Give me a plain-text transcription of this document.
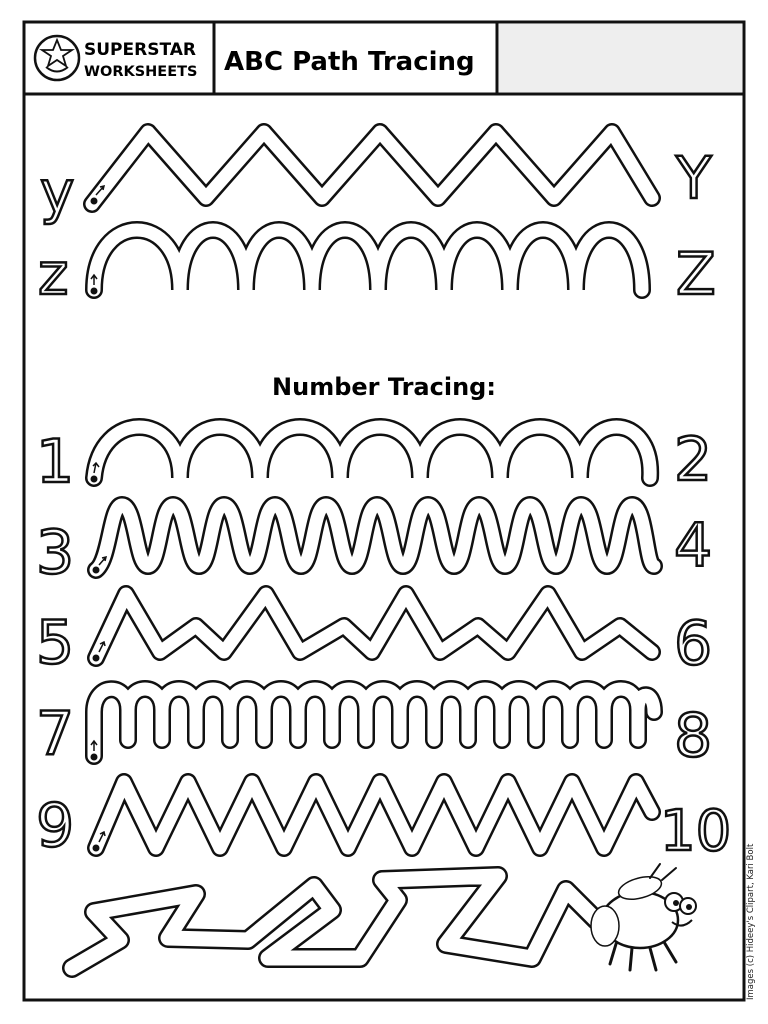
SUPERSTAR
WORKSHEETS ABC Path Tracing
y	Y
z	Z
Number Tracing:
1	2
3	4
5	6
7	8
9	10
Images (c) Hideey's Clipart, Kari Bolt
